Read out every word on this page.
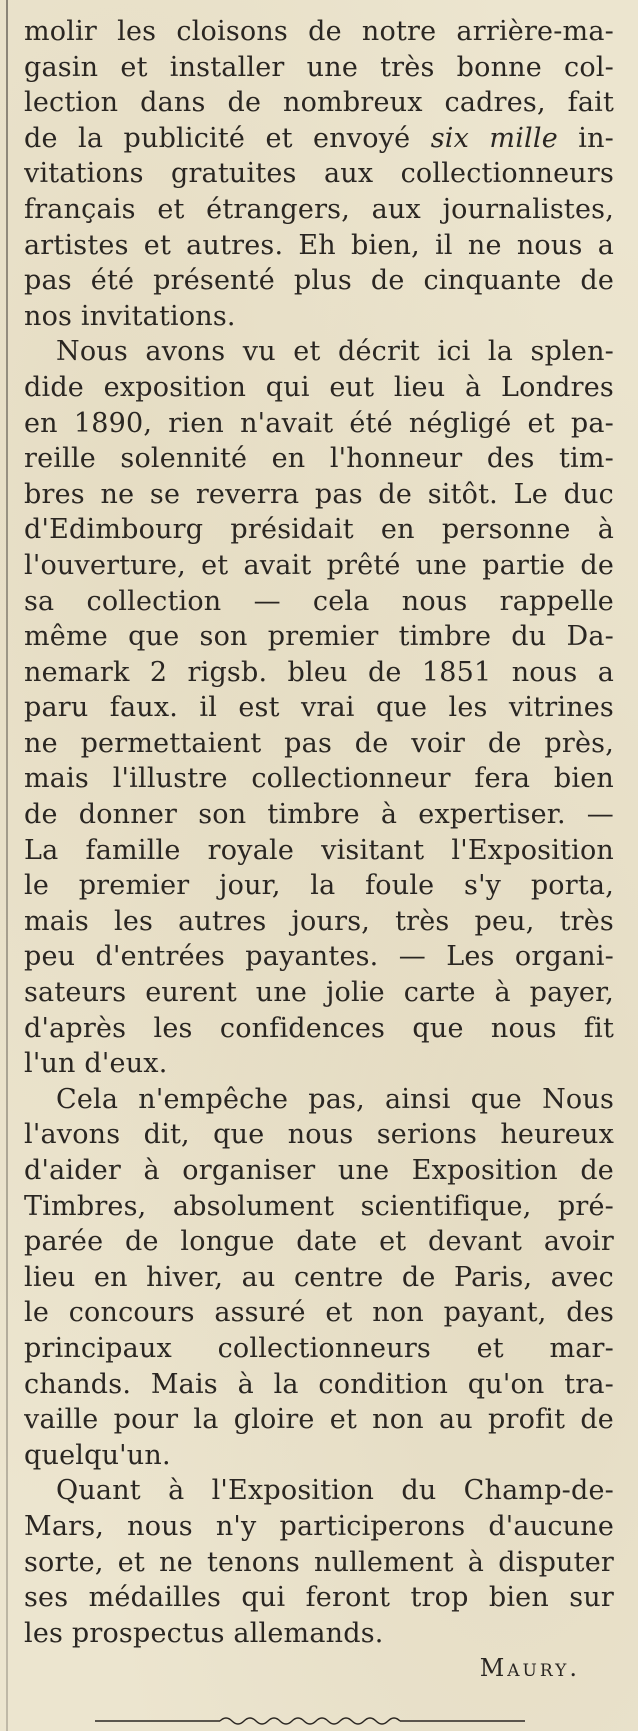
molir les cloisons de notre arrière-ma-
gasin et installer une très bonne col-
lection dans de nombreux cadres, fait
de la publicité et envoyé six mille in-
vitations gratuites aux collectionneurs
français et étrangers, aux journalistes,
artistes et autres. Eh bien, il ne nous a
pas été présenté plus de cinquante de
nos invitations.
Nous avons vu et décrit ici la splen-
dide exposition qui eut lieu à Londres
en 1890, rien n'avait été négligé et pa-
reille solennité en l'honneur des tim-
bres ne se reverra pas de sitôt. Le duc
d'Edimbourg présidait en personne à
l'ouverture, et avait prêté une partie de
sa collection — cela nous rappelle
même que son premier timbre du Da-
nemark 2 rigsb. bleu de 1851 nous a
paru faux. il est vrai que les vitrines
ne permettaient pas de voir de près,
mais l'illustre collectionneur fera bien
de donner son timbre à expertiser. —
La famille royale visitant l'Exposition
le premier jour, la foule s'y porta,
mais les autres jours, très peu, très
peu d'entrées payantes. — Les organi-
sateurs eurent une jolie carte à payer,
d'après les confidences que nous fit
l'un d'eux.
Cela n'empêche pas, ainsi que Nous
l'avons dit, que nous serions heureux
d'aider à organiser une Exposition de
Timbres, absolument scientifique, pré-
parée de longue date et devant avoir
lieu en hiver, au centre de Paris, avec
le concours assuré et non payant, des
principaux collectionneurs et mar-
chands. Mais à la condition qu'on tra-
vaille pour la gloire et non au profit de
quelqu'un.
Quant à l'Exposition du Champ-de-
Mars, nous n'y participerons d'aucune
sorte, et ne tenons nullement à disputer
ses médailles qui feront trop bien sur
les prospectus allemands.
Maury.
